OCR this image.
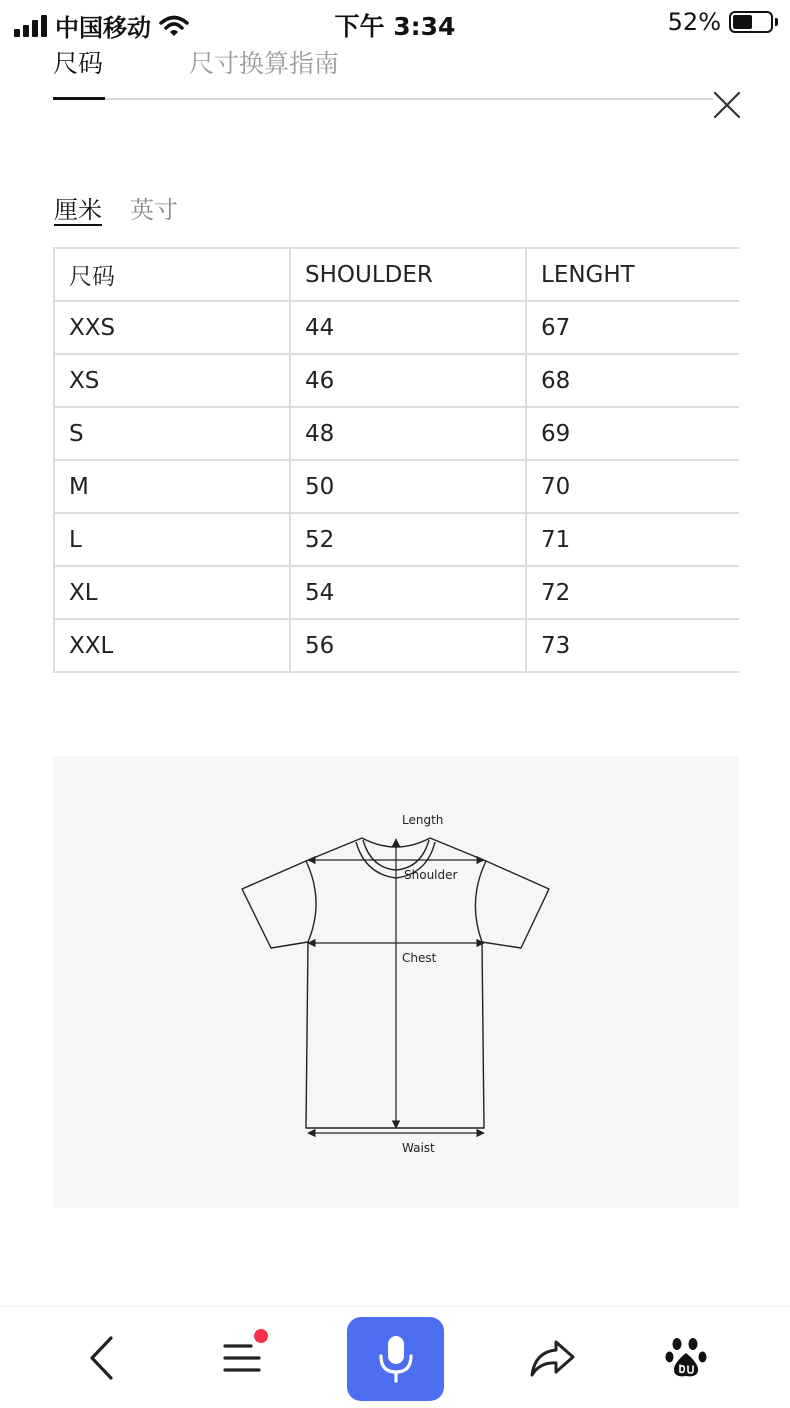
中国移动	下午 3:34	52%
尺码	尺寸换算指南
厘米 英寸
尺码	SHOULDER	LENGHT
XXS	44	67
XS	46	68
S	48	69
M	50	70
L	52	71
XL	54	72
XXL	56	73
Length
Shoulder
Chest
Waist
